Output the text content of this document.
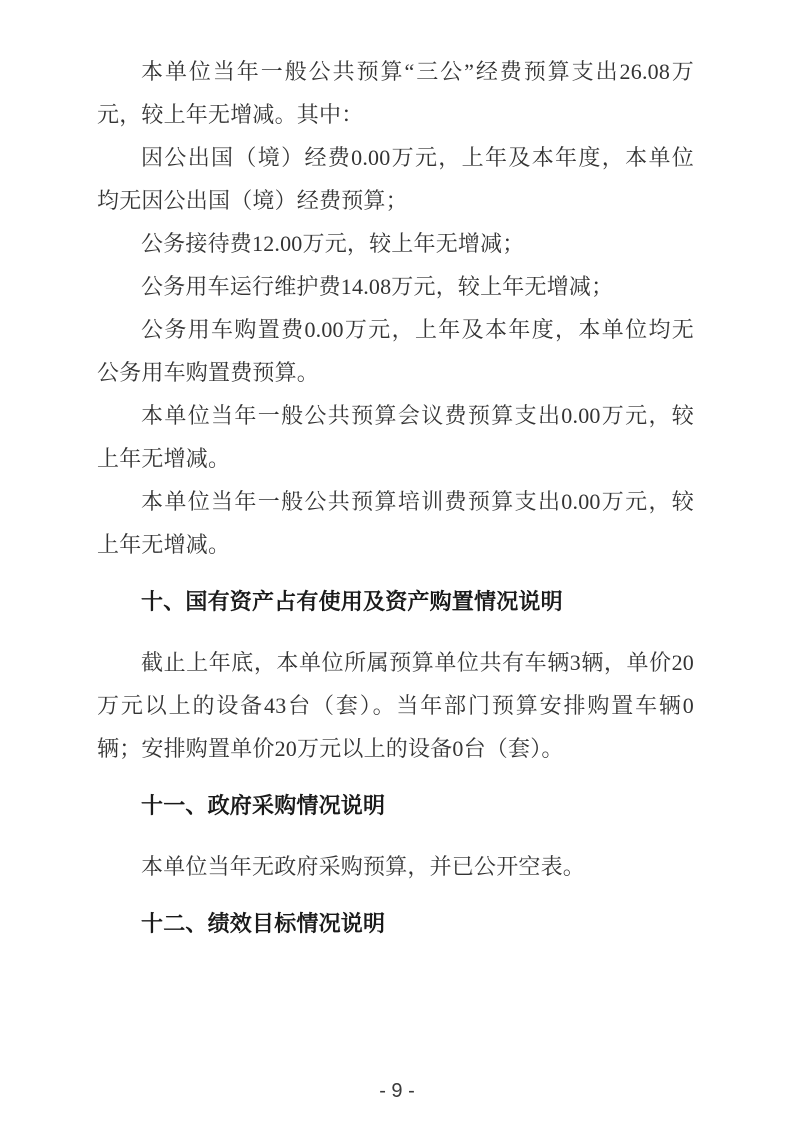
本单位当年一般公共预算“三公”经费预算支出26.08万
元，较上年无增减。其中：
因公出国（境）经费0.00万元，上年及本年度，本单位
均无因公出国（境）经费预算；
公务接待费12.00万元，较上年无增减；
公务用车运行维护费14.08万元，较上年无增减；
公务用车购置费0.00万元，上年及本年度，本单位均无
公务用车购置费预算。
本单位当年一般公共预算会议费预算支出0.00万元，较
上年无增减。
本单位当年一般公共预算培训费预算支出0.00万元，较
上年无增减。
十、国有资产占有使用及资产购置情况说明
截止上年底，本单位所属预算单位共有车辆3辆，单价20
万元以上的设备43台（套）。当年部门预算安排购置车辆0
辆；安排购置单价20万元以上的设备0台（套）。
十一、政府采购情况说明
本单位当年无政府采购预算，并已公开空表。
十二、绩效目标情况说明
- 9 -
